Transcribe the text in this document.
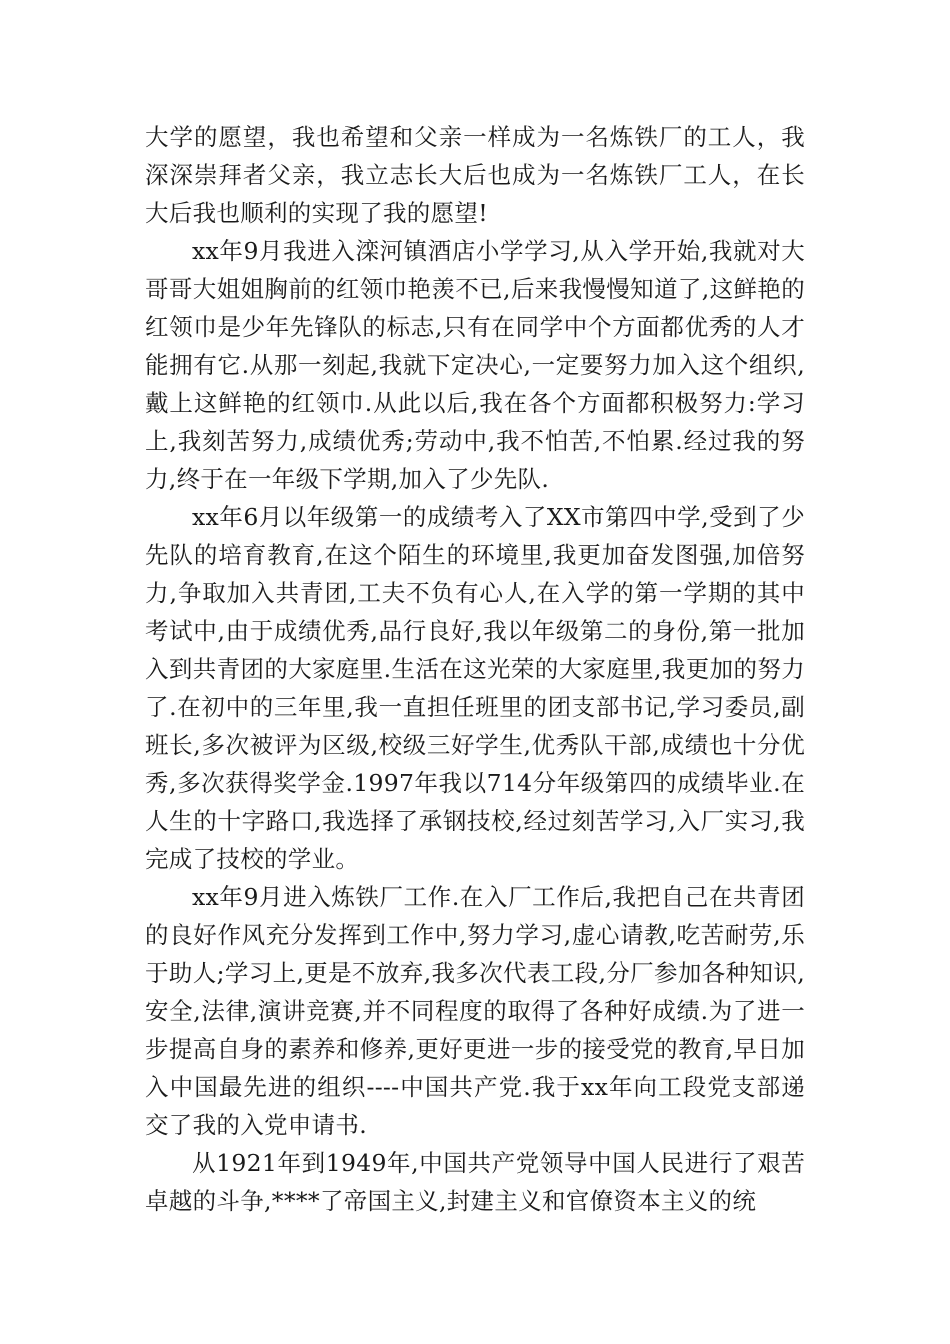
大学的愿望，我也希望和父亲一样成为一名炼铁厂的工人，我深深崇拜者父亲，我立志长大后也成为一名炼铁厂工人，在长大后我也顺利的实现了我的愿望!

xx年9月我进入滦河镇酒店小学学习,从入学开始,我就对大哥哥大姐姐胸前的红领巾艳羡不已,后来我慢慢知道了,这鲜艳的红领巾是少年先锋队的标志,只有在同学中个方面都优秀的人才能拥有它.从那一刻起,我就下定决心,一定要努力加入这个组织,戴上这鲜艳的红领巾.从此以后,我在各个方面都积极努力:学习上,我刻苦努力,成绩优秀;劳动中,我不怕苦,不怕累.经过我的努力,终于在一年级下学期,加入了少先队.

xx年6月以年级第一的成绩考入了XX市第四中学,受到了少先队的培育教育,在这个陌生的环境里,我更加奋发图强,加倍努力,争取加入共青团,工夫不负有心人,在入学的第一学期的其中考试中,由于成绩优秀,品行良好,我以年级第二的身份,第一批加入到共青团的大家庭里.生活在这光荣的大家庭里,我更加的努力了.在初中的三年里,我一直担任班里的团支部书记,学习委员,副班长,多次被评为区级,校级三好学生,优秀队干部,成绩也十分优秀,多次获得奖学金.1997年我以714分年级第四的成绩毕业.在人生的十字路口,我选择了承钢技校,经过刻苦学习,入厂实习,我完成了技校的学业。

xx年9月进入炼铁厂工作.在入厂工作后,我把自己在共青团的良好作风充分发挥到工作中,努力学习,虚心请教,吃苦耐劳,乐于助人;学习上,更是不放弃,我多次代表工段,分厂参加各种知识,安全,法律,演讲竞赛,并不同程度的取得了各种好成绩.为了进一步提高自身的素养和修养,更好更进一步的接受党的教育,早日加入中国最先进的组织----中国共产党.我于xx年向工段党支部递交了我的入党申请书.

从1921年到1949年,中国共产党领导中国人民进行了艰苦卓越的斗争,****了帝国主义,封建主义和官僚资本主义的统
